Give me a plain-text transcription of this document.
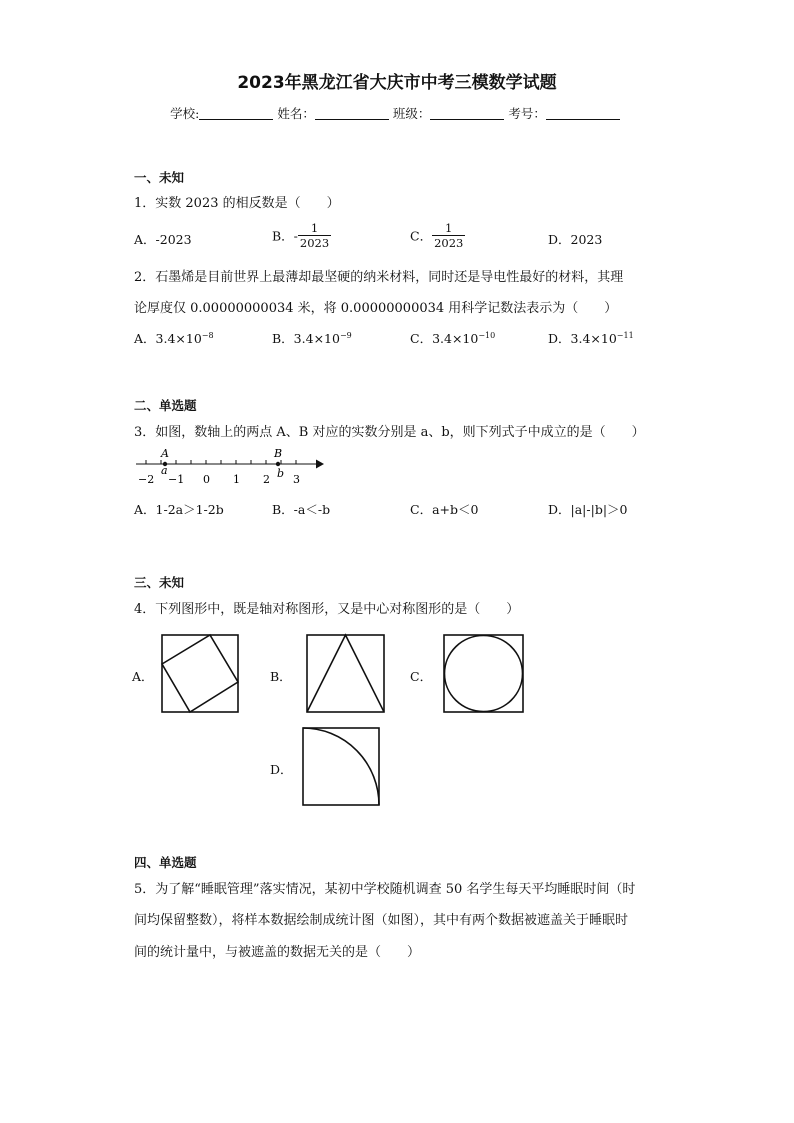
2023年黑龙江省大庆市中考三模数学试题
学校:	姓名：	班级：	考号：
一、未知
1．实数 2023 的相反数是（　　）
A．-2023	B．- $\frac{1}{2023}$	C． $\frac{1}{2023}$	D．2023
2．石墨烯是目前世界上最薄却最坚硬的纳米材料，同时还是导电性最好的材料，其理
论厚度仅 0.00000000034 米，将 0.00000000034 用科学记数法表示为（　　）
A．$3.4\times 10^{-8}$	B．$3.4\times 10^{-9}$	C．$3.4\times 10^{-10}$	D．$3.4\times 10^{-11}$
二、单选题
3．如图，数轴上的两点 A、B 对应的实数分别是 a、b，则下列式子中成立的是（　　）
−2 −1 0 1 2 3
A	B
a	b
A．1-2a＞1-2b	B．-a＜-b	C．a+b＜0	D．|a|-|b|＞0
三、未知
4．下列图形中，既是轴对称图形，又是中心对称图形的是（　　）
A．	B．	C．
D．
四、单选题
5．为了解“睡眠管理”落实情况，某初中学校随机调查 50 名学生每天平均睡眠时间（时
间均保留整数），将样本数据绘制成统计图（如图），其中有两个数据被遮盖关于睡眠时
间的统计量中，与被遮盖的数据无关的是（　　）
